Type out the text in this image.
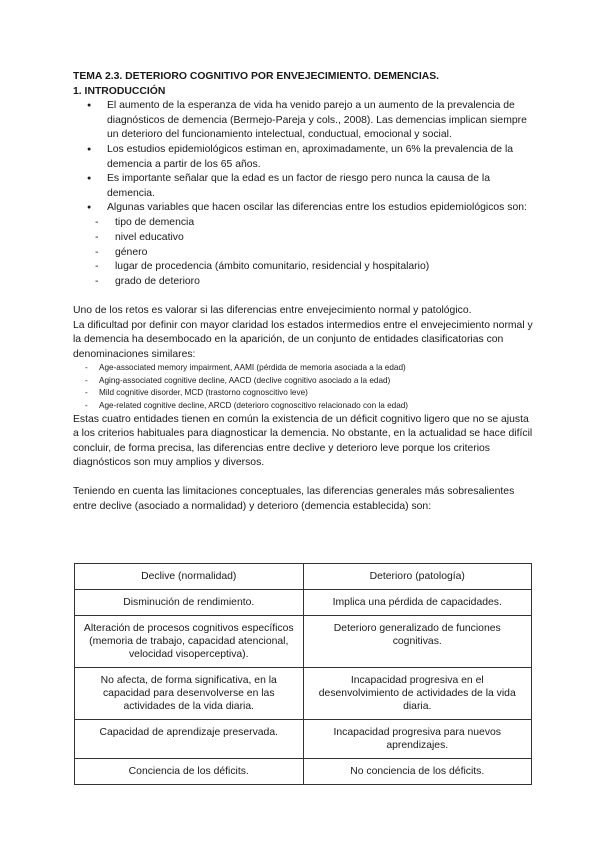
TEMA 2.3. DETERIORO COGNITIVO POR ENVEJECIMIENTO. DEMENCIAS.
1. INTRODUCCIÓN
● El aumento de la esperanza de vida ha venido parejo a un aumento de la prevalencia de diagnósticos de demencia (Bermejo-Pareja y cols., 2008). Las demencias implican siempre un deterioro del funcionamiento intelectual, conductual, emocional y social.
● Los estudios epidemiológicos estiman en, aproximadamente, un 6% la prevalencia de la demencia a partir de los 65 años.
● Es importante señalar que la edad es un factor de riesgo pero nunca la causa de la demencia.
● Algunas variables que hacen oscilar las diferencias entre los estudios epidemiológicos son:
- tipo de demencia
- nivel educativo
- género
- lugar de procedencia (ámbito comunitario, residencial y hospitalario)
- grado de deterioro

Uno de los retos es valorar si las diferencias entre envejecimiento normal y patológico.

La dificultad por definir con mayor claridad los estados intermedios entre el envejecimiento normal y la demencia ha desembocado en la aparición, de un conjunto de entidades clasificatorias con denominaciones similares:

- Age-associated memory impairment, AAMI (pérdida de memoria asociada a la edad)
- Aging-associated cognitive decline, AACD (declive cognitivo asociado a la edad)
- Mild cognitive disorder, MCD (trastorno cognoscitivo leve)
- Age-related cognitive decline, ARCD (deterioro cognoscitivo relacionado con la edad)

Estas cuatro entidades tienen en común la existencia de un déficit cognitivo ligero que no se ajusta a los criterios habituales para diagnosticar la demencia. No obstante, en la actualidad se hace difícil concluir, de forma precisa, las diferencias entre declive y deterioro leve porque los criterios diagnósticos son muy amplios y diversos.

Teniendo en cuenta las limitaciones conceptuales, las diferencias generales más sobresalientes entre declive (asociado a normalidad) y deterioro (demencia establecida) son:

Declive (normalidad)	Deterioro (patología)
Disminución de rendimiento.	Implica una pérdida de capacidades.
Alteración de procesos cognitivos específicos (memoria de trabajo, capacidad atencional, velocidad visoperceptiva).	Deterioro generalizado de funciones cognitivas.
No afecta, de forma significativa, en la capacidad para desenvolverse en las actividades de la vida diaria.	Incapacidad progresiva en el desenvolvimiento de actividades de la vida diaria.
Capacidad de aprendizaje preservada.	Incapacidad progresiva para nuevos aprendizajes.
Conciencia de los déficits.	No conciencia de los déficits.
